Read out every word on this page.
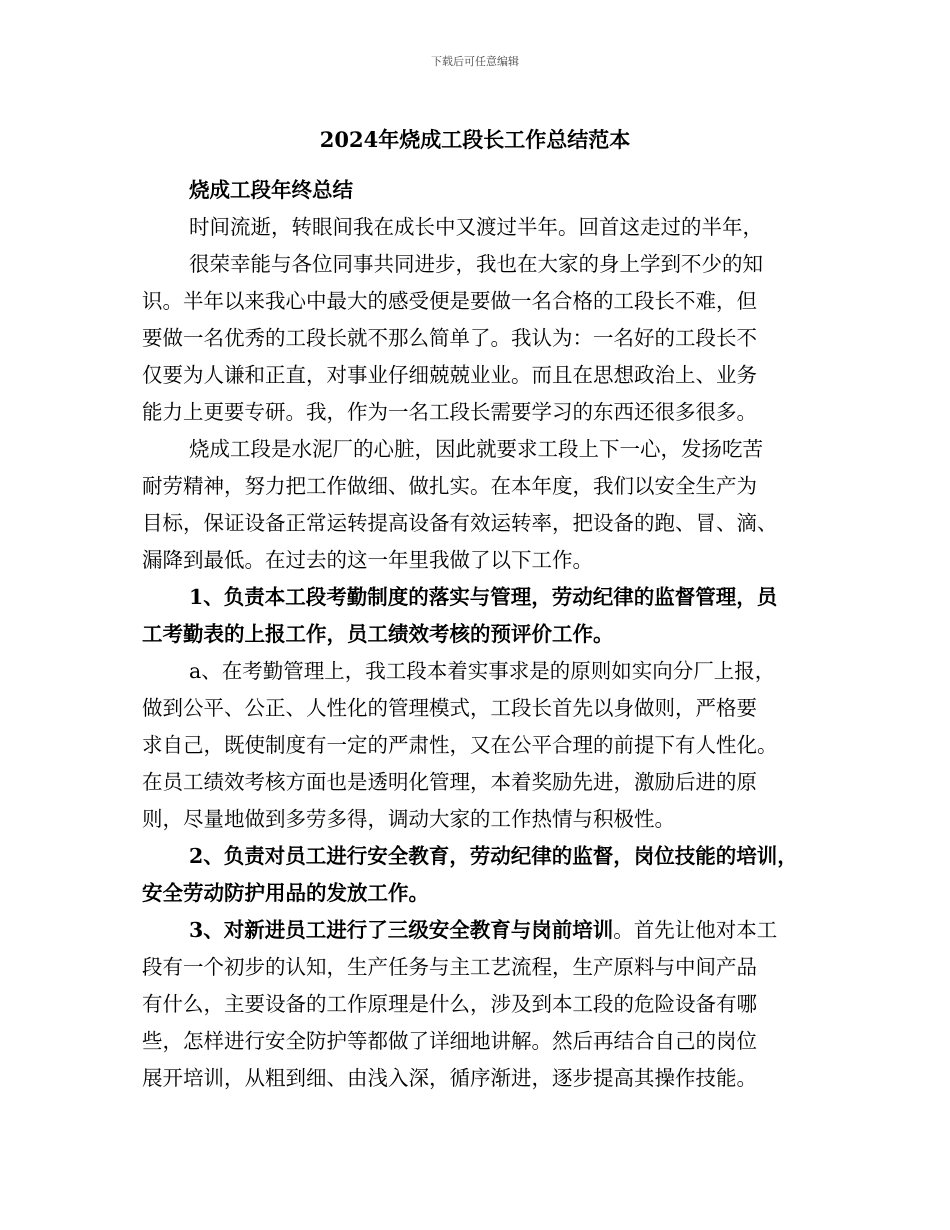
下载后可任意编辑
2024年烧成工段长工作总结范本
烧成工段年终总结
时间流逝，转眼间我在成长中又渡过半年。回首这走过的半年，
很荣幸能与各位同事共同进步，我也在大家的身上学到不少的知
识。半年以来我心中最大的感受便是要做一名合格的工段长不难，但
要做一名优秀的工段长就不那么简单了。我认为：一名好的工段长不
仅要为人谦和正直，对事业仔细兢兢业业。而且在思想政治上、业务
能力上更要专研。我，作为一名工段长需要学习的东西还很多很多。
烧成工段是水泥厂的心脏，因此就要求工段上下一心，发扬吃苦
耐劳精神，努力把工作做细、做扎实。在本年度，我们以安全生产为
目标，保证设备正常运转提高设备有效运转率，把设备的跑、冒、滴、
漏降到最低。在过去的这一年里我做了以下工作。
1、负责本工段考勤制度的落实与管理，劳动纪律的监督管理，员
工考勤表的上报工作，员工绩效考核的预评价工作。
a、在考勤管理上，我工段本着实事求是的原则如实向分厂上报，
做到公平、公正、人性化的管理模式，工段长首先以身做则，严格要
求自己，既使制度有一定的严肃性，又在公平合理的前提下有人性化。
在员工绩效考核方面也是透明化管理，本着奖励先进，激励后进的原
则，尽量地做到多劳多得，调动大家的工作热情与积极性。
2、负责对员工进行安全教育，劳动纪律的监督，岗位技能的培训，
安全劳动防护用品的发放工作。
3、对新进员工进行了三级安全教育与岗前培训。首先让他对本工
段有一个初步的认知，生产任务与主工艺流程，生产原料与中间产品
有什么，主要设备的工作原理是什么，涉及到本工段的危险设备有哪
些，怎样进行安全防护等都做了详细地讲解。然后再结合自己的岗位
展开培训，从粗到细、由浅入深，循序渐进，逐步提高其操作技能。
